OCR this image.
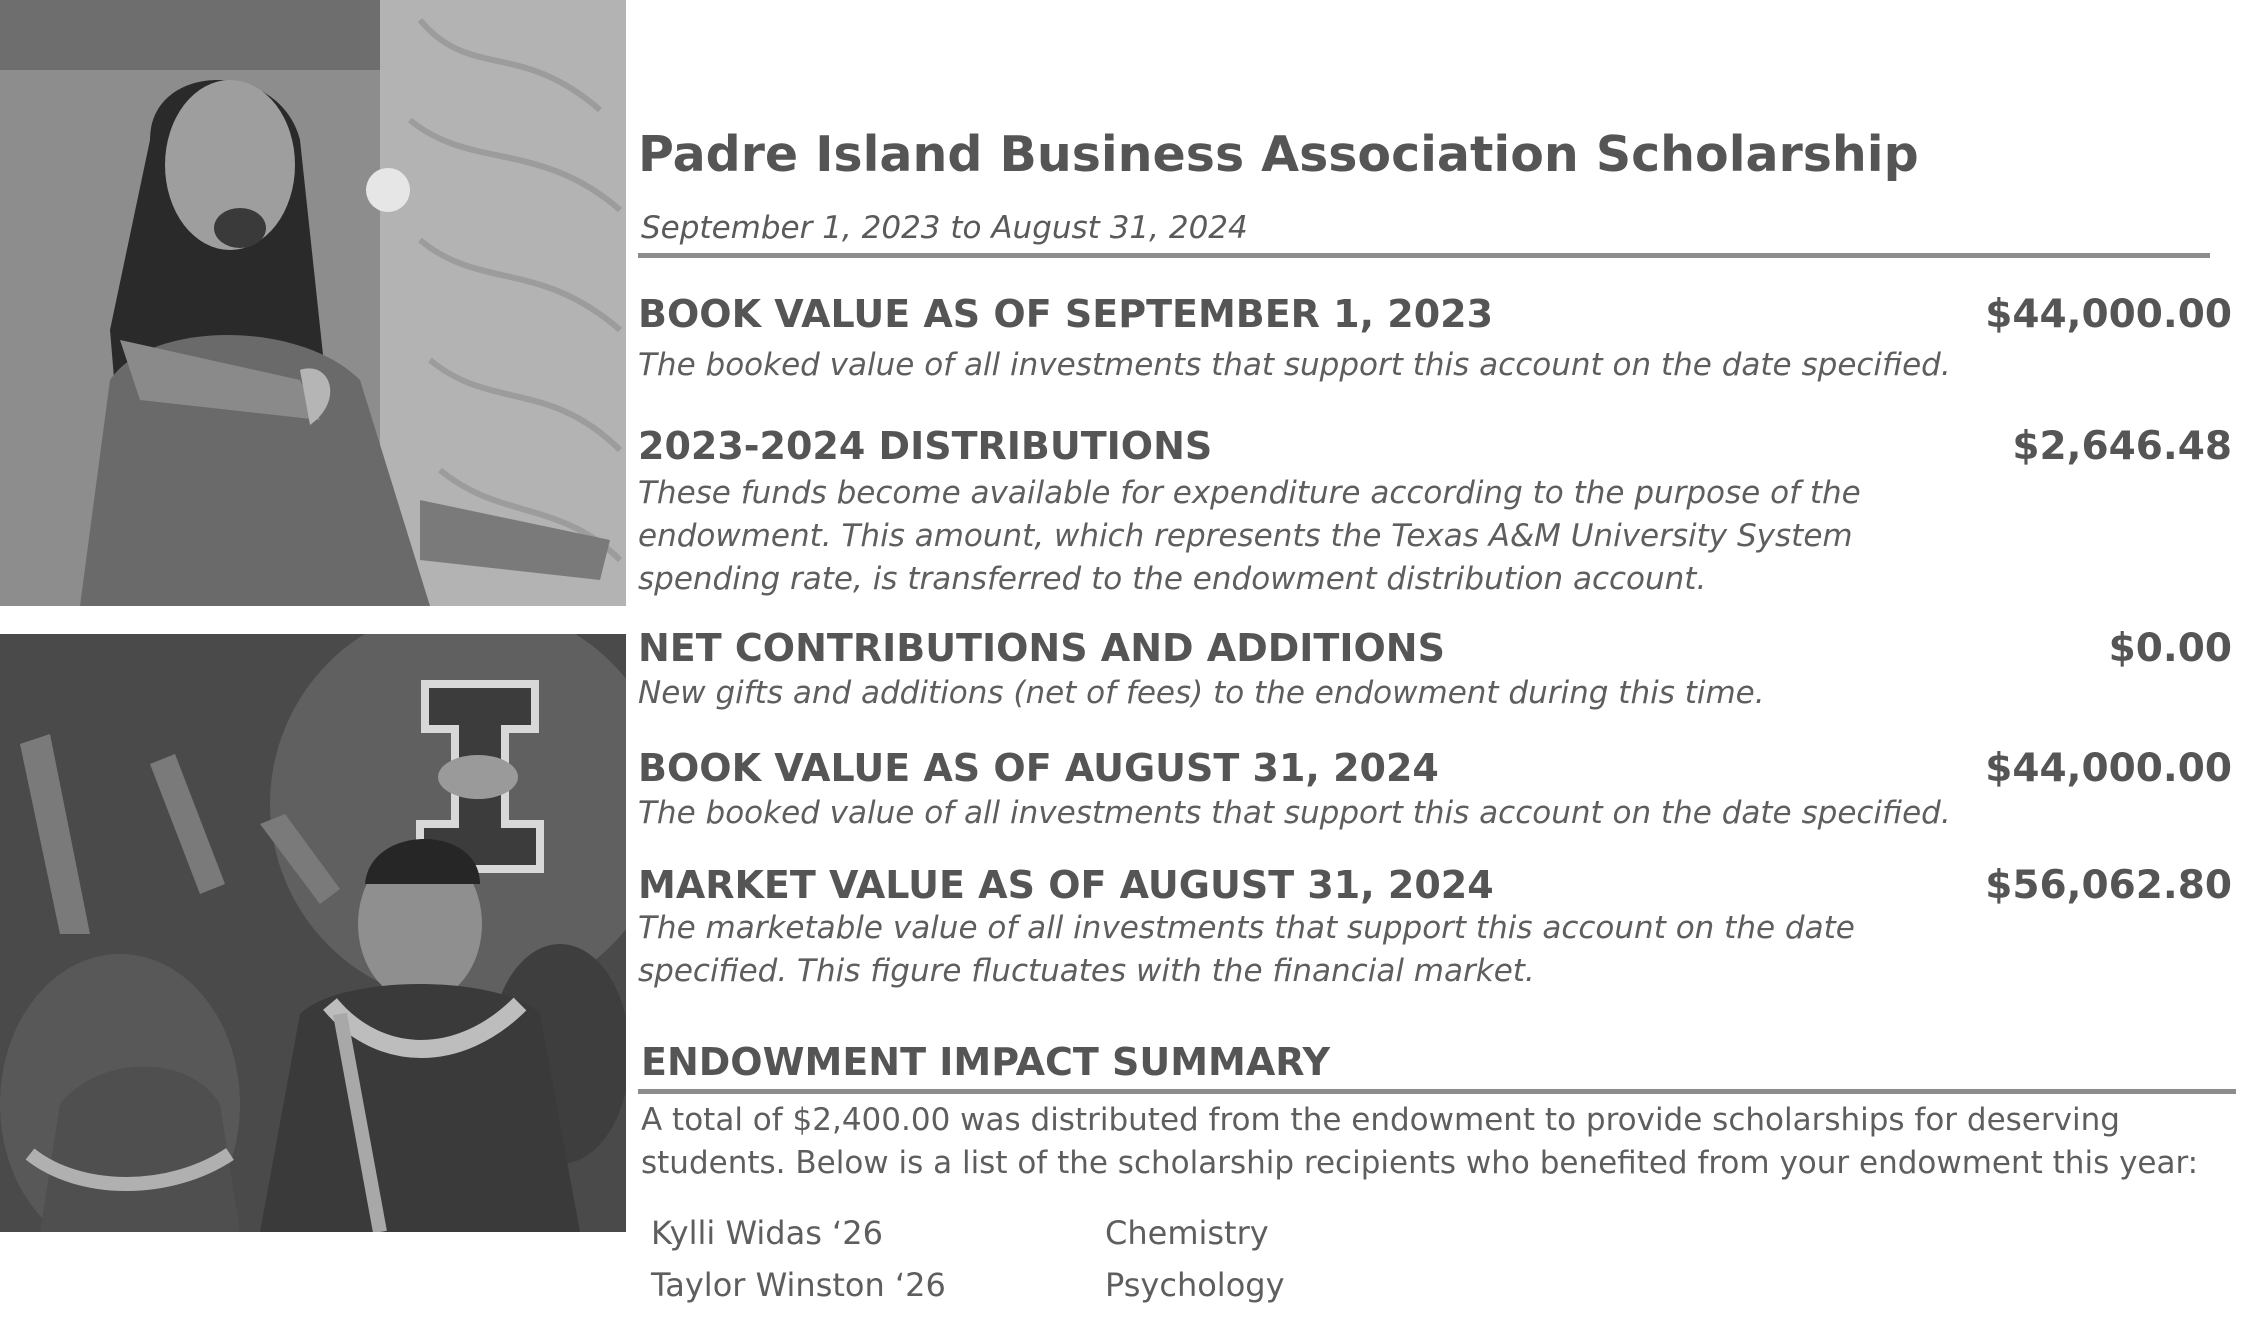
Padre Island Business Association Scholarship

September 1, 2023 to August 31, 2024

BOOK VALUE AS OF SEPTEMBER 1, 2023	$44,000.00

The booked value of all investments that support this account on the date specified.

2023-2024 DISTRIBUTIONS	$2,646.48

These funds become available for expenditure according to the purpose of the endowment. This amount, which represents the Texas A&M University System spending rate, is transferred to the endowment distribution account.

NET CONTRIBUTIONS AND ADDITIONS	$0.00

New gifts and additions (net of fees) to the endowment during this time.

BOOK VALUE AS OF AUGUST 31, 2024	$44,000.00

The booked value of all investments that support this account on the date specified.

MARKET VALUE AS OF AUGUST 31, 2024	$56,062.80

The marketable value of all investments that support this account on the date specified. This figure fluctuates with the financial market.

ENDOWMENT IMPACT SUMMARY

A total of $2,400.00 was distributed from the endowment to provide scholarships for deserving students. Below is a list of the scholarship recipients who benefited from your endowment this year:

Kylli Widas ‘26	Chemistry
Taylor Winston ‘26	Psychology
